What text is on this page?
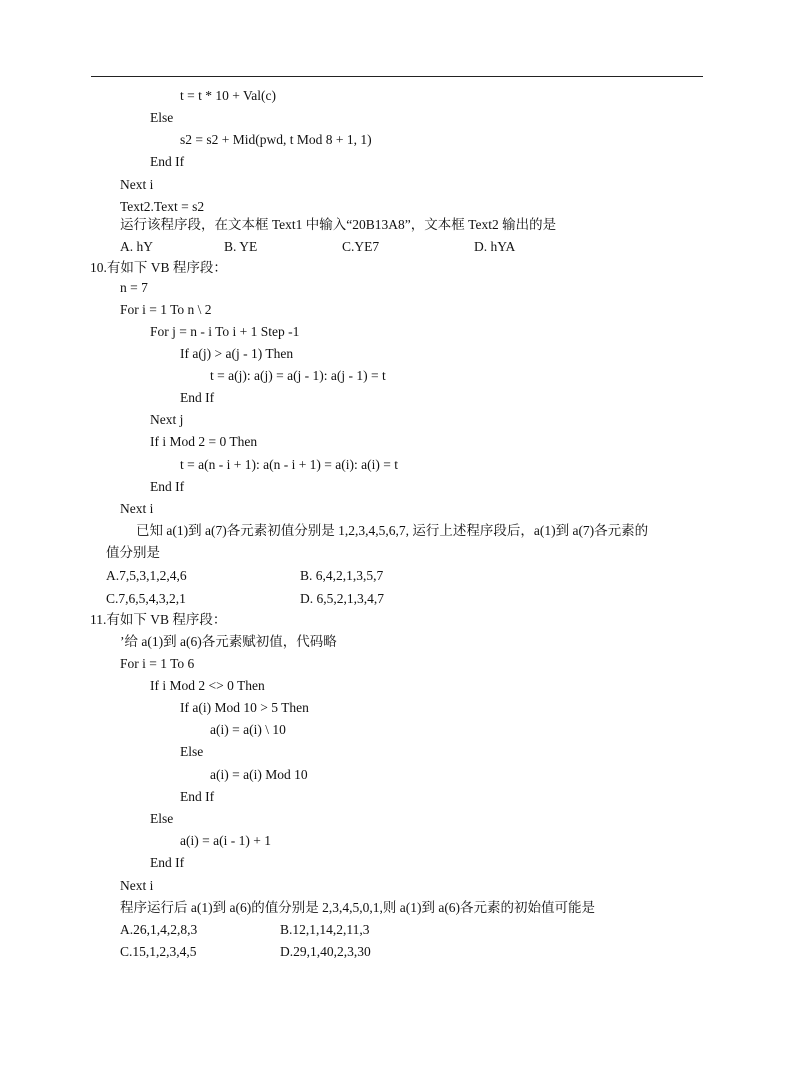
t = t * 10 + Val(c)
Else
s2 = s2 + Mid(pwd, t Mod 8 + 1, 1)
End If
Next i
Text2.Text = s2
运行该程序段，在文本框 Text1 中输入“20B13A8”，文本框 Text2 输出的是

A. hY

	B. YE

	C.YE7

	D. hYA

10.有如下 VB 程序段：
n = 7
For i = 1 To n \ 2
For j = n - i To i + 1 Step -1
If a(j) > a(j - 1) Then
t = a(j): a(j) = a(j - 1): a(j - 1) = t
End If
Next j
If i Mod 2 = 0 Then
t = a(n - i + 1): a(n - i + 1) = a(i): a(i) = t
End If
Next i
已知 a(1)到 a(7)各元素初值分别是 1,2,3,4,5,6,7, 运行上述程序段后，a(1)到 a(7)各元素的
值分别是

A.7,5,3,1,2,4,6

	B. 6,4,2,1,3,5,7

C.7,6,5,4,3,2,1

	D. 6,5,2,1,3,4,7

11.有如下 VB 程序段：
’给 a(1)到 a(6)各元素赋初值，代码略
For i = 1 To 6
If i Mod 2 <> 0 Then
If a(i) Mod 10 > 5 Then
a(i) = a(i) \ 10
Else
a(i) = a(i) Mod 10
End If
Else
a(i) = a(i - 1) + 1
End If
Next i
程序运行后 a(1)到 a(6)的值分别是 2,3,4,5,0,1,则 a(1)到 a(6)各元素的初始值可能是

A.26,1,4,2,8,3

	B.12,1,14,2,11,3

C.15,1,2,3,4,5

	D.29,1,40,2,3,30
